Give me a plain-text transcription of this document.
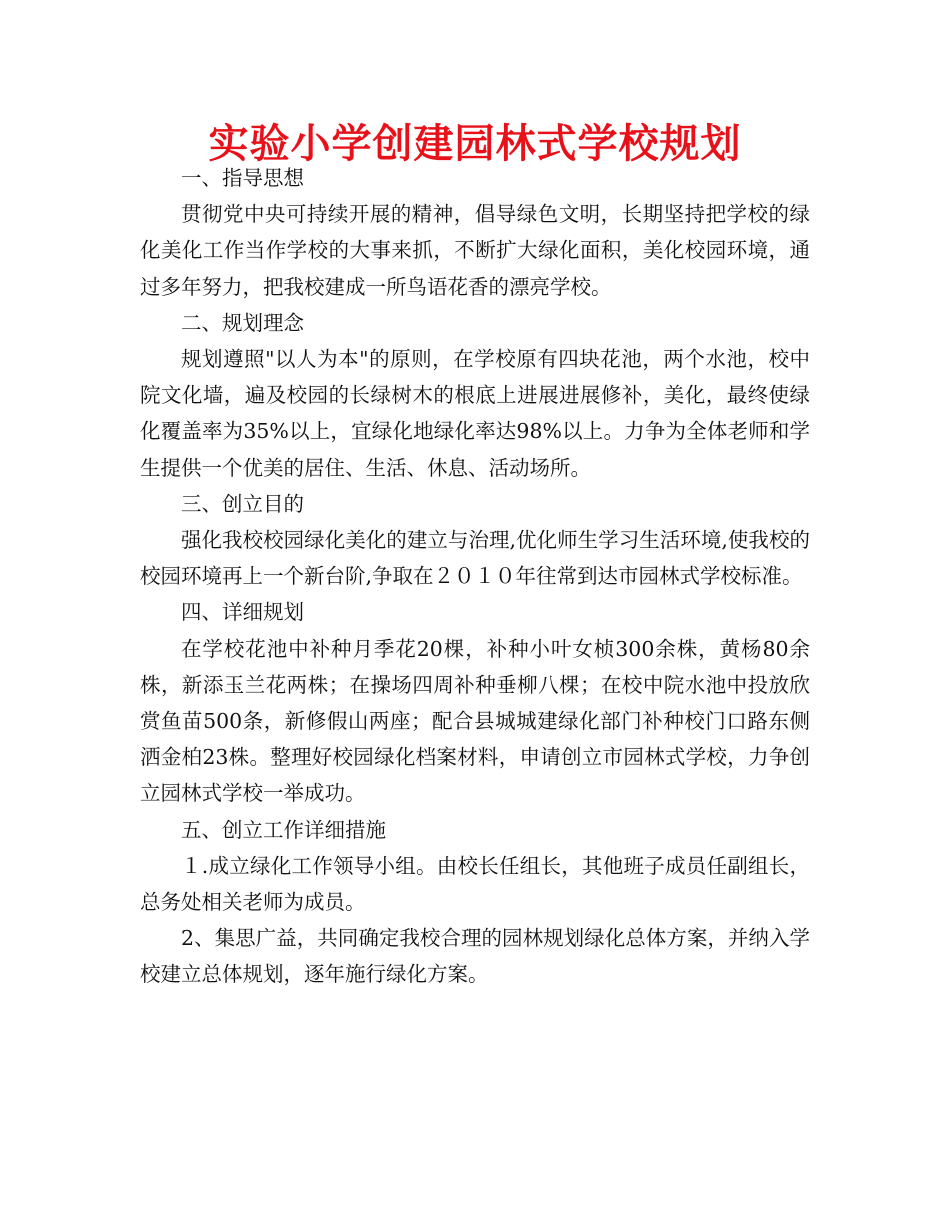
实验小学创建园林式学校规划

一、指导思想

贯彻党中央可持续开展的精神，倡导绿色文明，长期坚持把学校的绿化美化工作当作学校的大事来抓，不断扩大绿化面积，美化校园环境，通过多年努力，把我校建成一所鸟语花香的漂亮学校。

二、规划理念

规划遵照"以人为本"的原则，在学校原有四块花池，两个水池，校中院文化墙，遍及校园的长绿树木的根底上进展进展修补，美化，最终使绿化覆盖率为35%以上，宜绿化地绿化率达98%以上。力争为全体老师和学生提供一个优美的居住、生活、休息、活动场所。

三、创立目的

强化我校校园绿化美化的建立与治理,优化师生学习生活环境,使我校的校园环境再上一个新台阶,争取在２０１０年往常到达市园林式学校标准。

四、详细规划

在学校花池中补种月季花20棵，补种小叶女桢300余株，黄杨80余株，新添玉兰花两株；在操场四周补种垂柳八棵；在校中院水池中投放欣赏鱼苗500条，新修假山两座；配合县城城建绿化部门补种校门口路东侧洒金柏23株。整理好校园绿化档案材料，申请创立市园林式学校，力争创立园林式学校一举成功。

五、创立工作详细措施

１.成立绿化工作领导小组。由校长任组长，其他班子成员任副组长，总务处相关老师为成员。

2、集思广益，共同确定我校合理的园林规划绿化总体方案，并纳入学校建立总体规划，逐年施行绿化方案。
